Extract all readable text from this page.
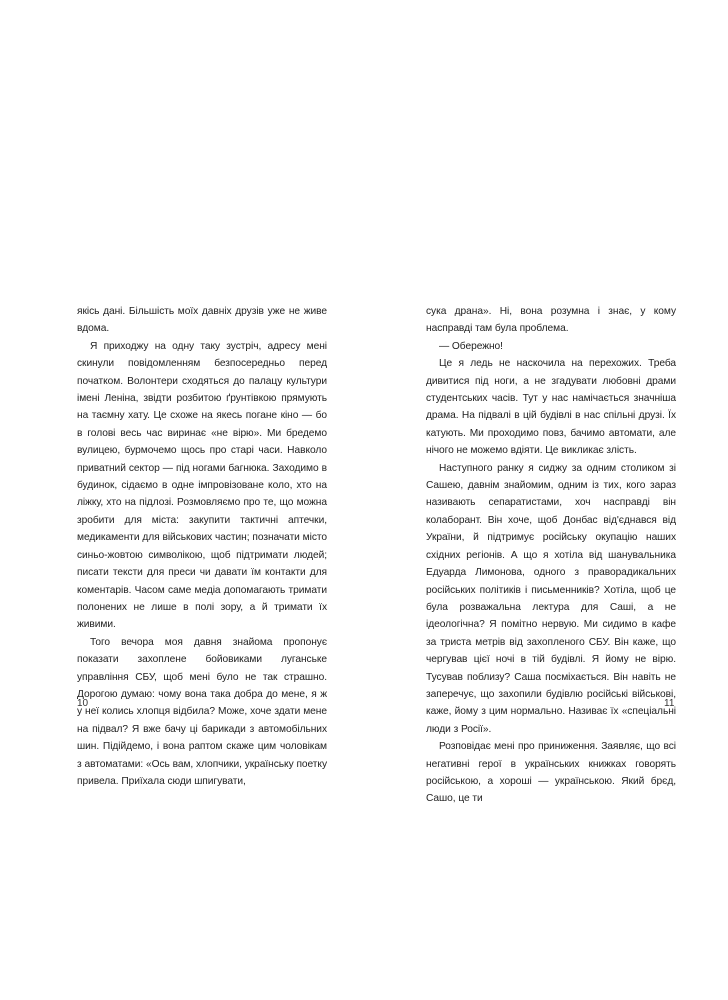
якісь дані. Більшість моїх давніх друзів уже не живе вдома.

Я приходжу на одну таку зустріч, адресу мені скинули повідомленням безпосередньо перед початком. Волонтери сходяться до палацу культури імені Леніна, звідти розбитою ґрунтівкою прямують на таємну хату. Це схоже на якесь погане кіно — бо в голові весь час виринає «не вірю». Ми бредемо вулицею, бурмочемо щось про старі часи. Навколо приватний сектор — під ногами багнюка. Заходимо в будинок, сідаємо в одне імпровізоване коло, хто на ліжку, хто на підлозі. Розмовляємо про те, що можна зробити для міста: закупити тактичні аптечки, медикаменти для військових частин; позначати місто синьо-жовтою символікою, щоб підтримати людей; писати тексти для преси чи давати їм контакти для коментарів. Часом саме медіа допомагають тримати полонених не лише в полі зору, а й тримати їх живими.

Того вечора моя давня знайома пропонує показати захоплене бойовиками луганське управління СБУ, щоб мені було не так страшно. Дорогою думаю: чому вона така добра до мене, я ж у неї колись хлопця відбила? Може, хоче здати мене на підвал? Я вже бачу ці барикади з автомобільних шин. Підійдемо, і вона раптом скаже цим чоловікам з автоматами: «Ось вам, хлопчики, українську поетку привела. Приїхала сюди шпигувати,

сука драна». Ні, вона розумна і знає, у кому насправді там була проблема.

— Обережно!

Це я ледь не наскочила на перехожих. Треба дивитися під ноги, а не згадувати любовні драми студентських часів. Тут у нас намічається значніша драма. На підвалі в цій будівлі в нас спільні друзі. Їх катують. Ми проходимо повз, бачимо автомати, але нічого не можемо вдіяти. Це викликає злість.

Наступного ранку я сиджу за одним столиком зі Сашею, давнім знайомим, одним із тих, кого зараз називають сепаратистами, хоч насправді він колаборант. Він хоче, щоб Донбас від'єднався від України, й підтримує російську окупацію наших східних регіонів. А що я хотіла від шанувальника Едуарда Лимонова, одного з праворадикальних російських політиків і письменників? Хотіла, щоб це була розважальна лектура для Саші, а не ідеологічна? Я помітно нервую. Ми сидимо в кафе за триста метрів від захопленого СБУ. Він каже, що чергував цієї ночі в тій будівлі. Я йому не вірю. Тусував поблизу? Саша посміхається. Він навіть не заперечує, що захопили будівлю російські військові, каже, йому з цим нормально. Називає їх «спеціальні люди з Росії».

Розповідає мені про приниження. Заявляє, що всі негативні герої в українських книжках говорять російською, а хороші — українською. Який брєд, Сашо, це ти

10	11
